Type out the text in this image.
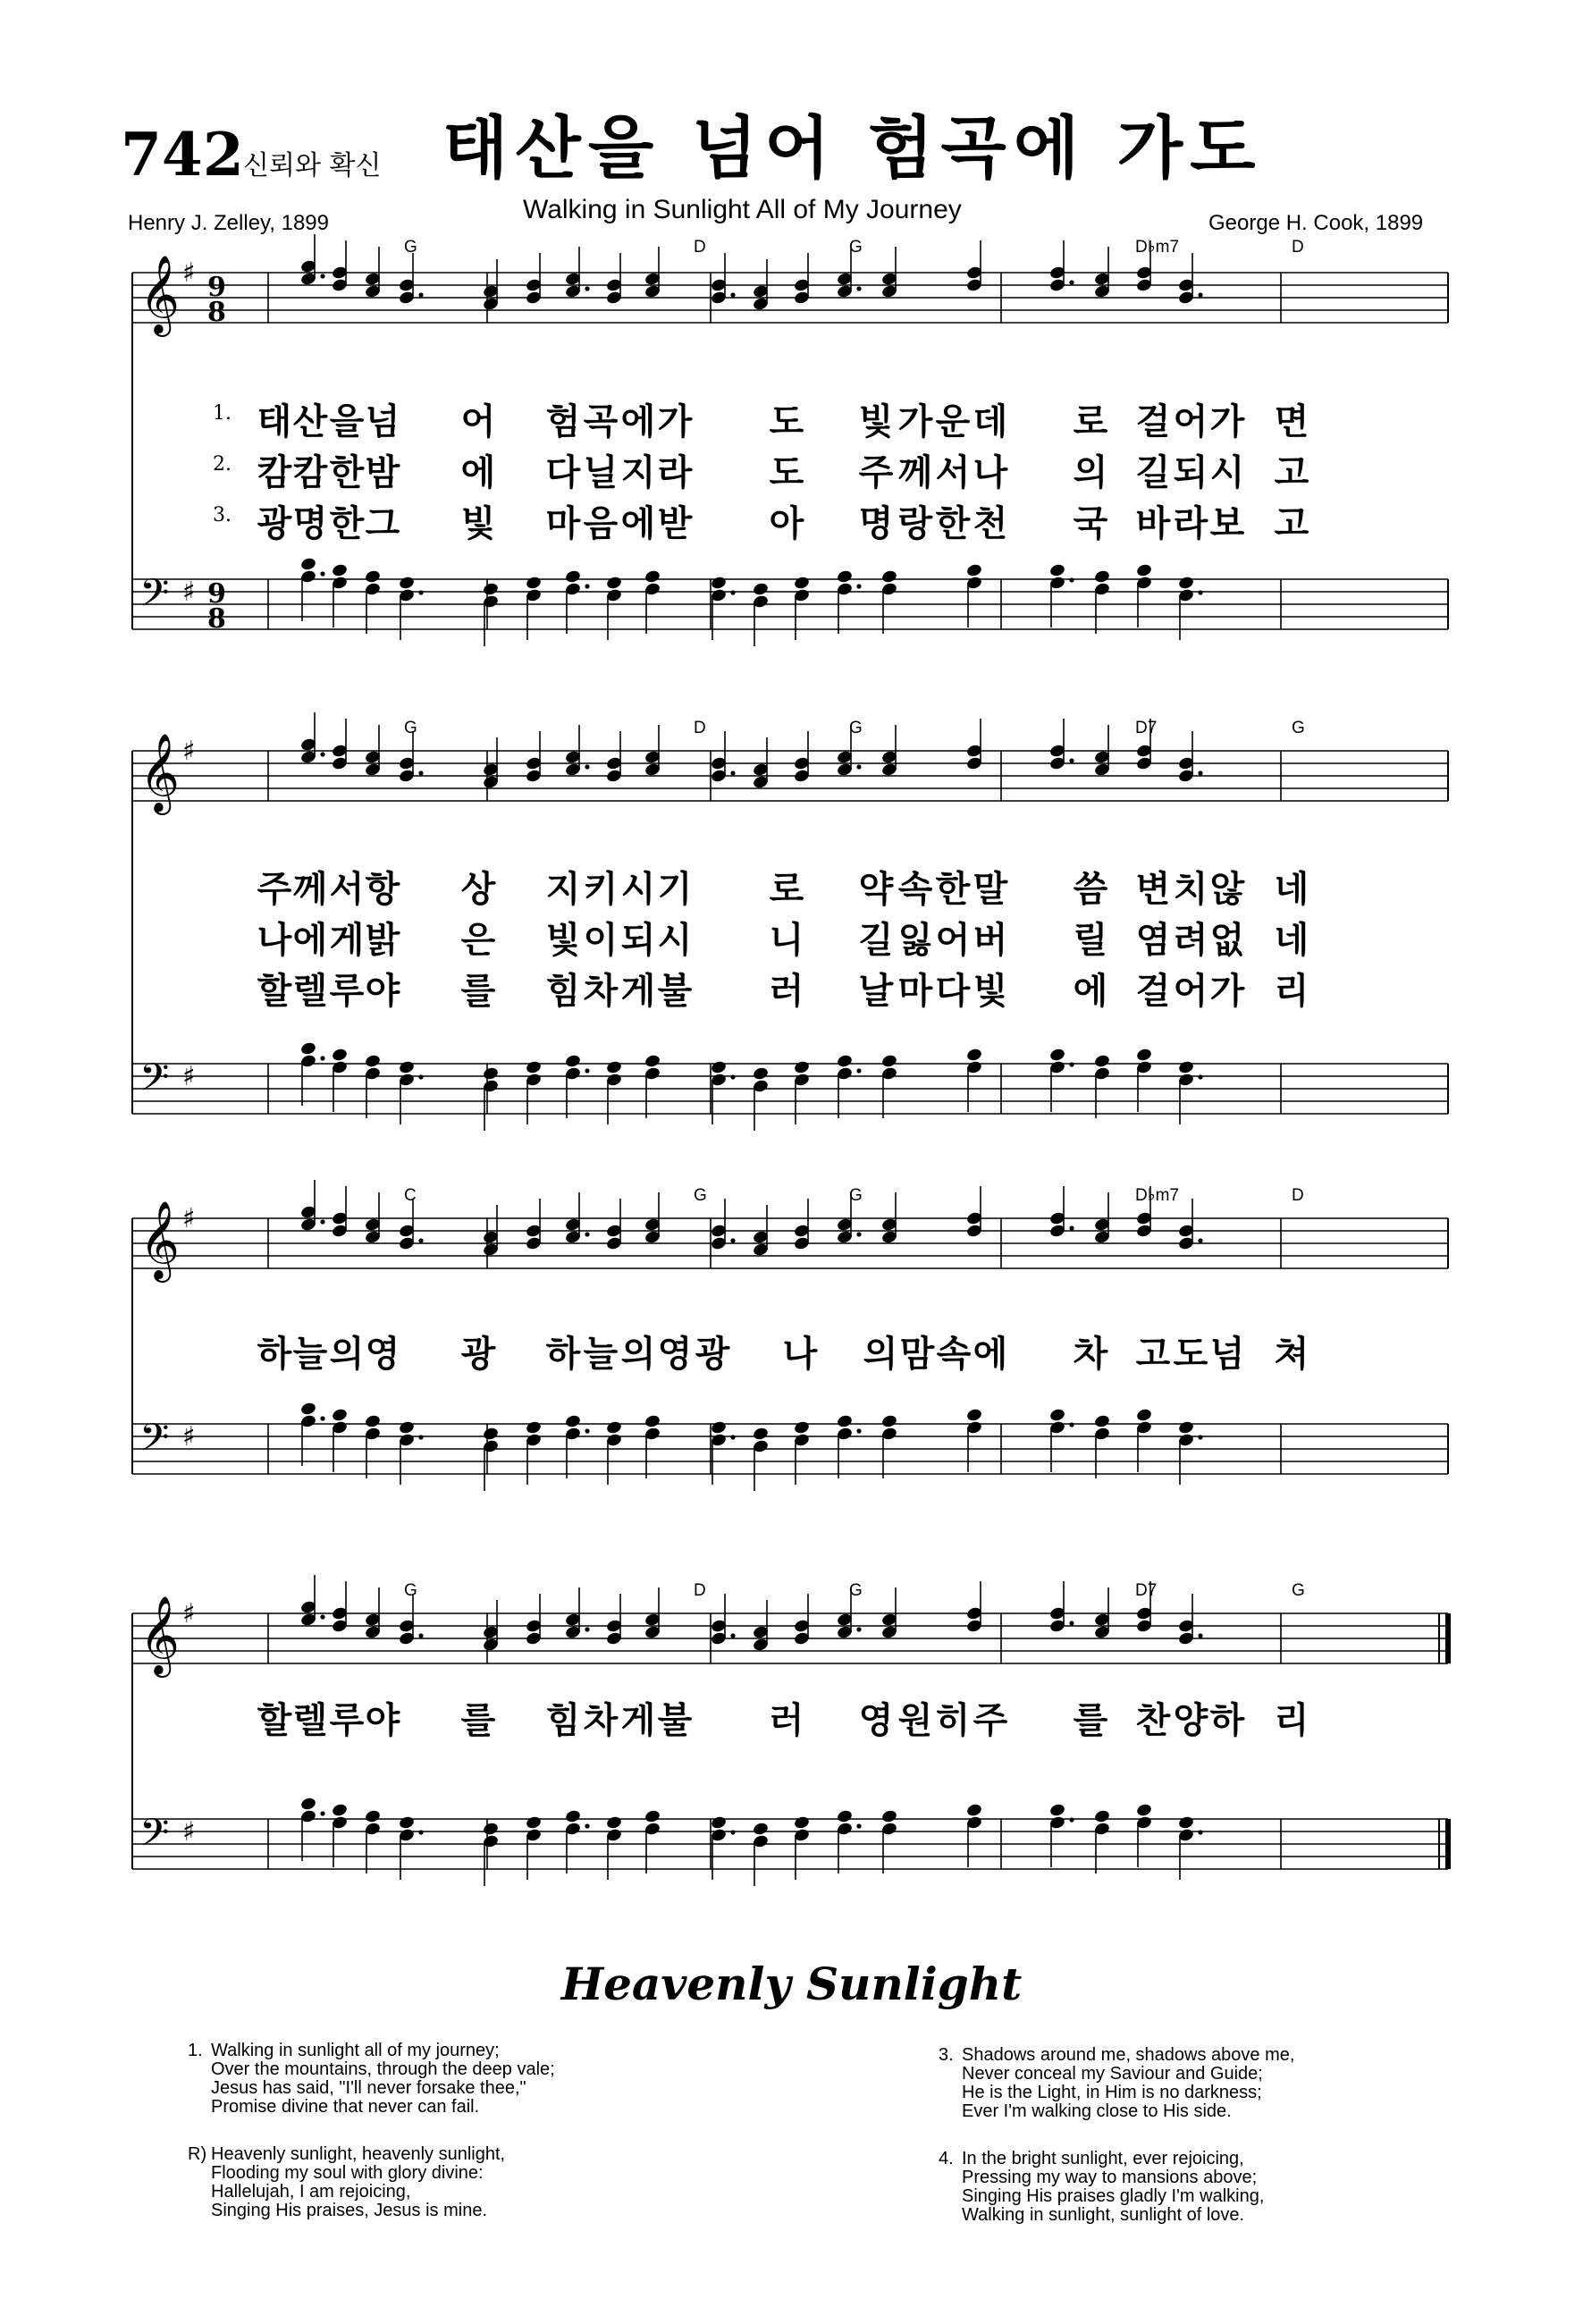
742 신뢰와 확신 태산을 넘어 험곡에 가도
Walking in Sunlight All of My Journey
Henry J. Zelley, 1899	George H. Cook, 1899
𝄞 ♯ 9
8
𝄢 ♯ 9
8
G	D	G	D♭m7	D
1. 태 산 을 넘 어 험 곡 에 가 도 빛 가 운 데 로 걸 어 가 면
2. 캄 캄 한 밤 에 다 닐 지 라 도 주 께 서 나 의 길 되 시 고
3. 광 명 한 그 빛 마 음 에 받 아 명 랑 한 천 국 바 라 보 고
𝄞 ♯
𝄢 ♯
G	D	G	D7	G
주 께 서 항 상 지 키 시 기 로 약 속 한 말 씀 변 치 않 네
나 에 게 밝 은 빛 이 되 시 니 길 잃 어 버 릴 염 려 없 네
할 렐 루 야 를 힘 차 게 불 러 날 마 다 빛 에 걸 어 가 리
𝄞 ♯
𝄢 ♯
C	G	G	D♭m7	D
하 늘 의 영 광 하 늘 의 영 광 나 의 맘 속 에 차 고 도 넘 쳐
𝄞 ♯
𝄢 ♯
G	D	G	D7	G
할 렐 루 야 를 힘 차 게 불 러 영 원 히 주 를 찬 양 하 리
Heavenly Sunlight
1. Walking in sunlight all of my journey;
Over the mountains, through the deep vale;
Jesus has said, "I'll never forsake thee,"
Promise divine that never can fail.
R) Heavenly sunlight, heavenly sunlight,
Flooding my soul with glory divine:
Hallelujah, I am rejoicing,
Singing His praises, Jesus is mine.
3. Shadows around me, shadows above me,
Never conceal my Saviour and Guide;
He is the Light, in Him is no darkness;
Ever I'm walking close to His side.
4. In the bright sunlight, ever rejoicing,
Pressing my way to mansions above;
Singing His praises gladly I'm walking,
Walking in sunlight, sunlight of love.
